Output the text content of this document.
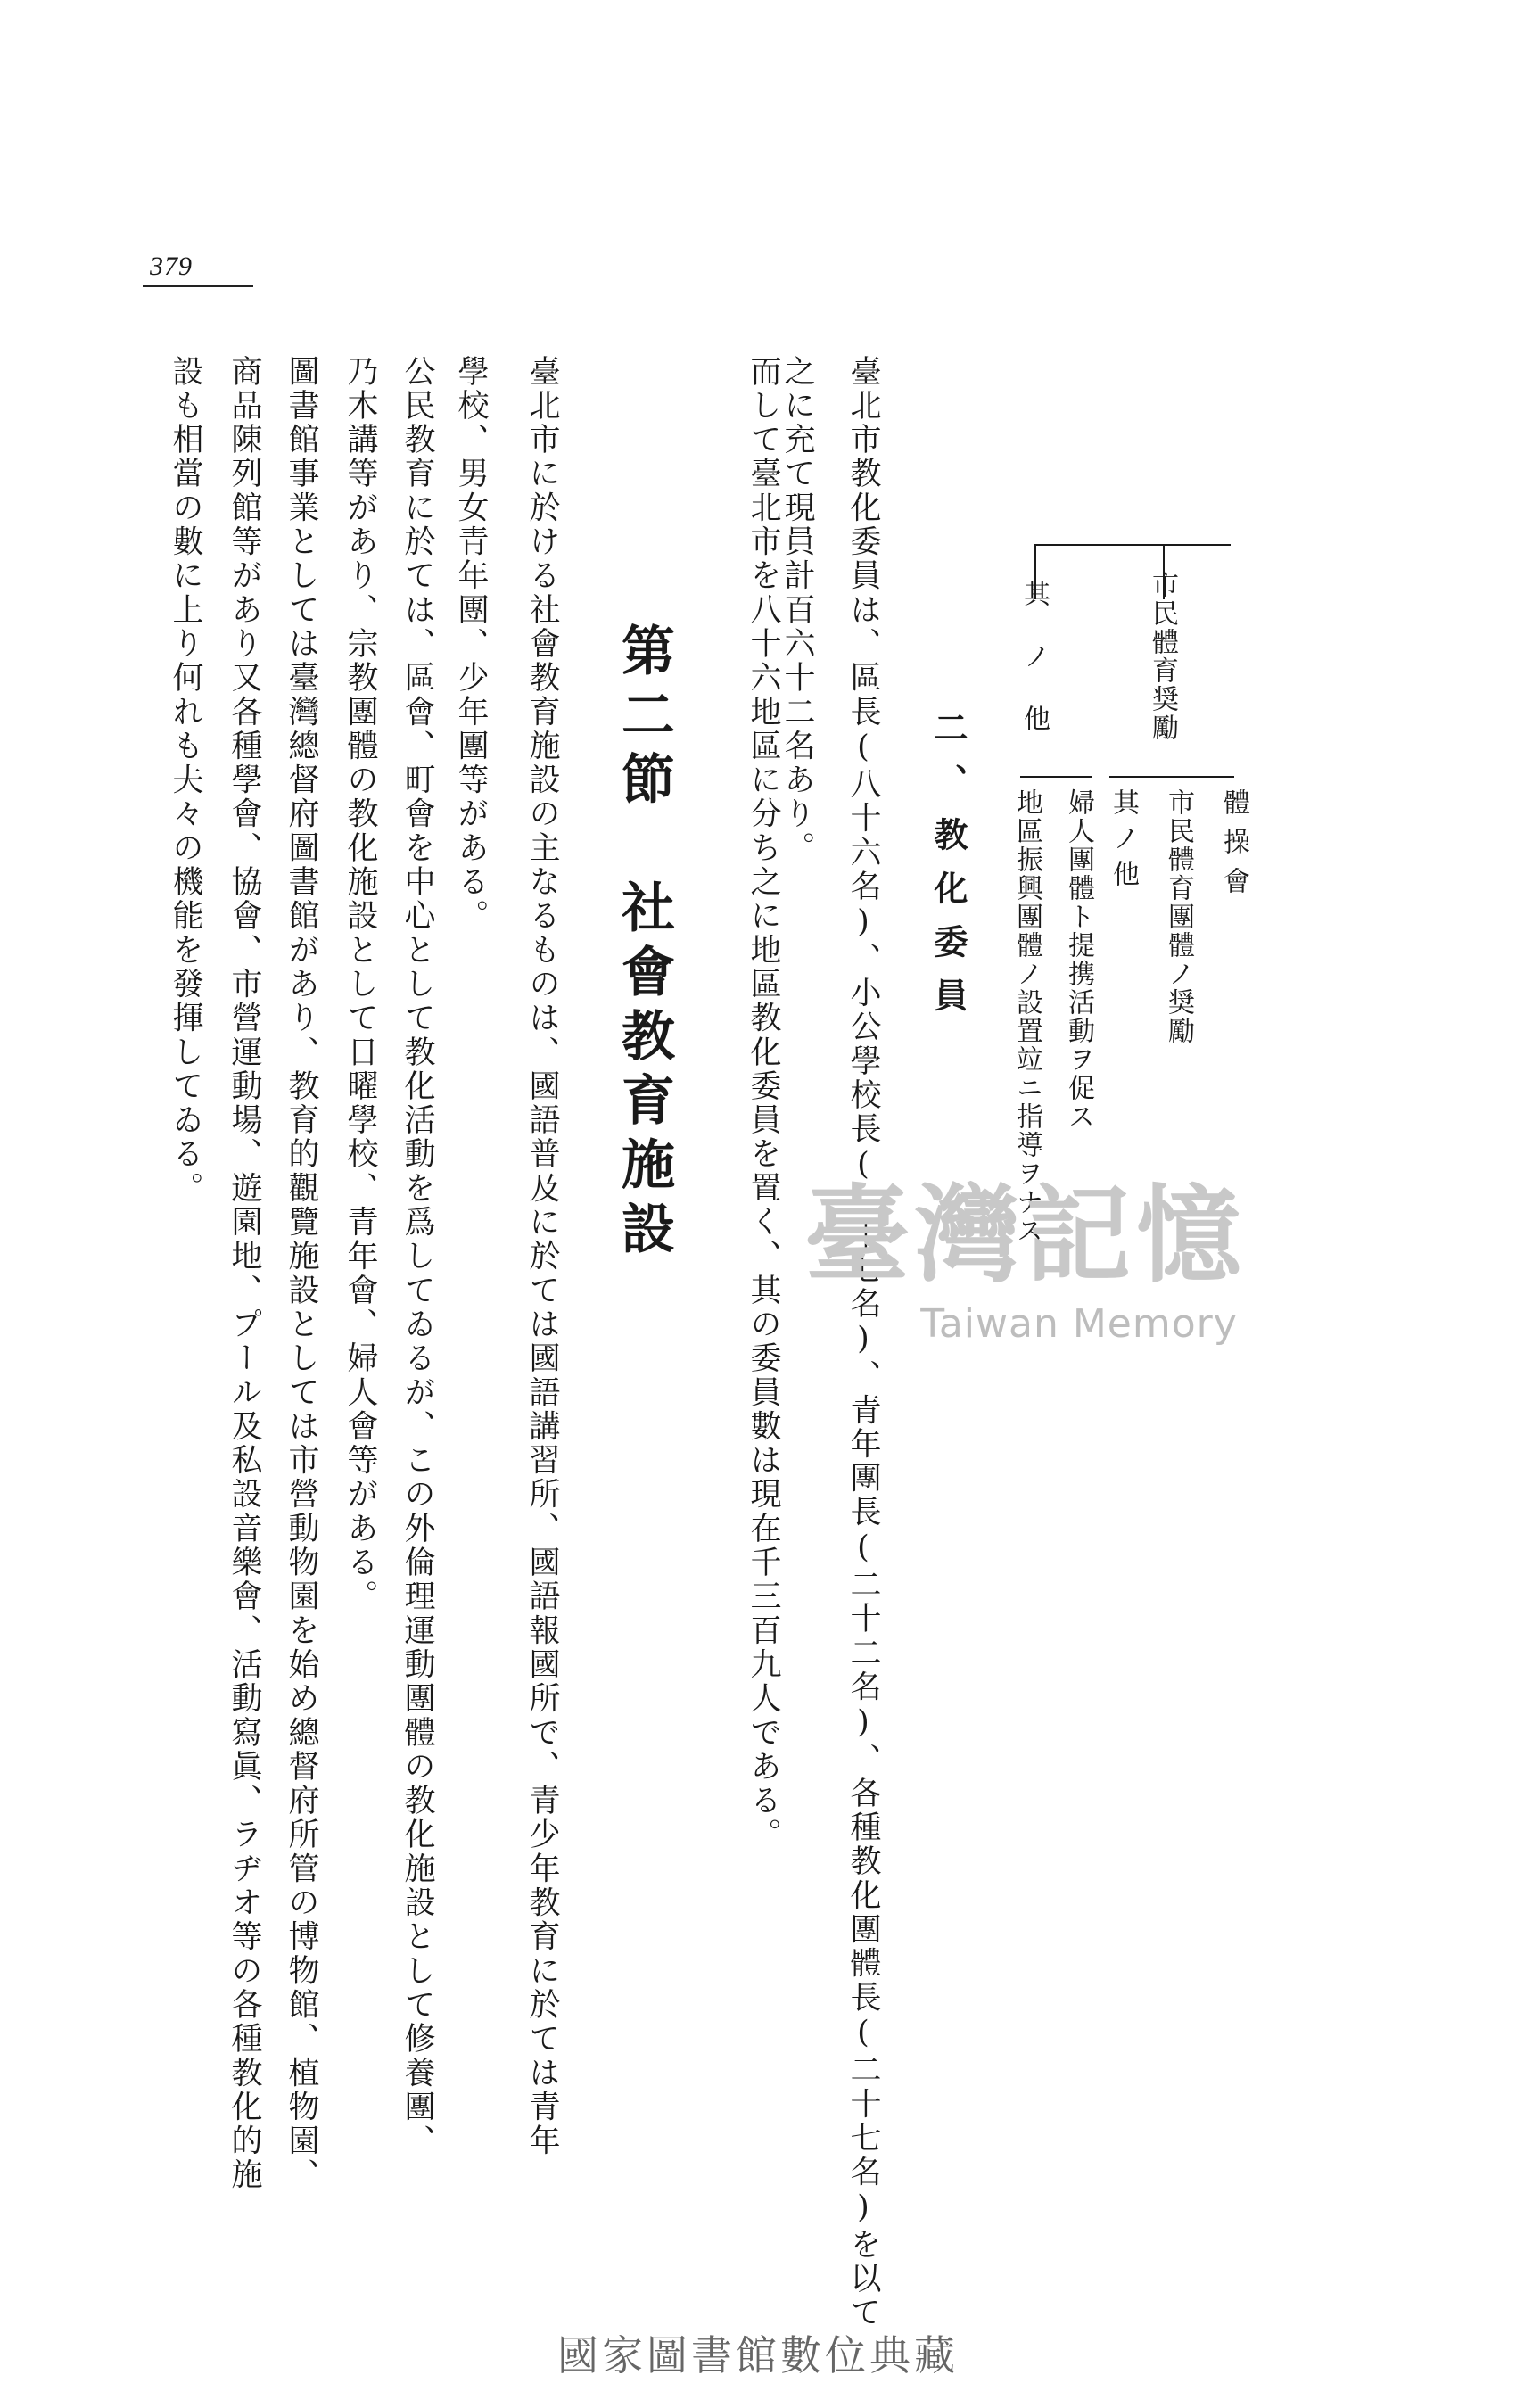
379
市民體育奨勵
其ノ他
體操會
市民體育團體ノ奨勵
其ノ他
婦人團體ト提携活動ヲ促ス
地區振興團體ノ設置竝ニ指導ヲナス
二、教化委員
臺北市教化委員は、區長(八十六名)、小公學校長(二十七名)、青年團長(二十二名)、各種教化團體長(二十七名)を以て
之に充て現員計百六十二名あり。
而して臺北市を八十六地區に分ち之に地區教化委員を置く、其の委員數は現在千三百九人である。
第二節　社會教育施設
臺北市に於ける社會教育施設の主なるものは、國語普及に於ては國語講習所、國語報國所で、青少年教育に於ては青年
學校、男女青年團、少年團等がある。
公民教育に於ては、區會、町會を中心として教化活動を爲してゐるが、この外倫理運動團體の教化施設として修養團、
乃木講等があり、宗教團體の教化施設として日曜學校、青年會、婦人會等がある。
圖書館事業としては臺灣總督府圖書館があり、教育的觀覽施設としては市營動物園を始め總督府所管の博物館、植物園、
商品陳列館等があり又各種學會、協會、市營運動場、遊園地、プール及私設音樂會、活動寫眞、ラヂオ等の各種教化的施
設も相當の數に上り何れも夫々の機能を發揮してゐる。
臺灣記憶
Taiwan Memory
國家圖書館數位典藏
